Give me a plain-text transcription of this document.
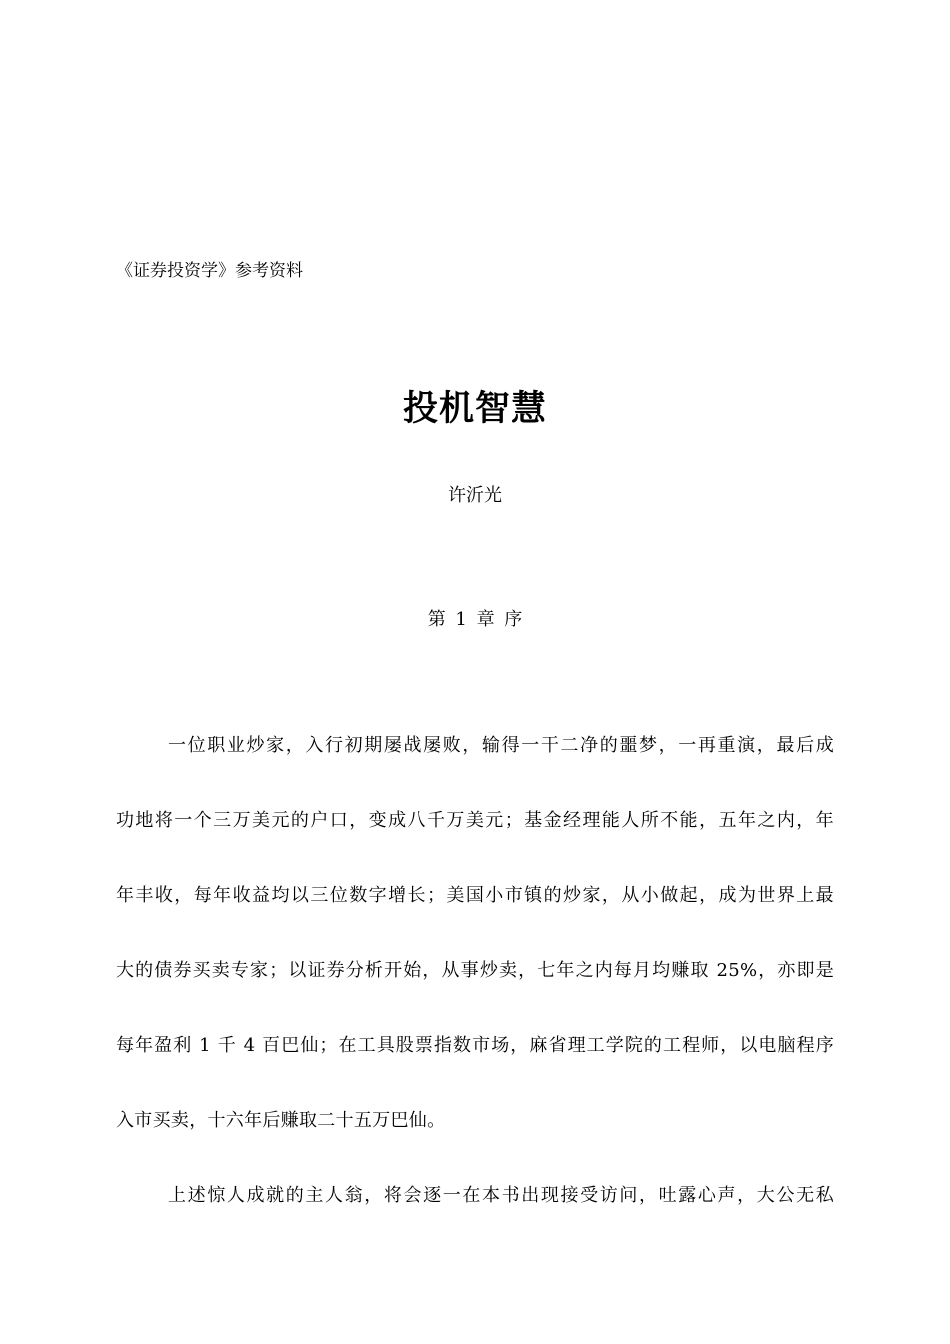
《证券投资学》参考资料
投机智慧
许沂光
第 1 章 序
一位职业炒家，入行初期屡战屡败，输得一干二净的噩梦，一再重演，最后成
功地将一个三万美元的户口，变成八千万美元；基金经理能人所不能，五年之内，年
年丰收，每年收益均以三位数字增长；美国小市镇的炒家，从小做起，成为世界上最
大的债券买卖专家；以证券分析开始，从事炒卖，七年之内每月均赚取 25%，亦即是
每年盈利 1 千 4 百巴仙；在工具股票指数市场，麻省理工学院的工程师，以电脑程序
入市买卖，十六年后赚取二十五万巴仙。
上述惊人成就的主人翁，将会逐一在本书出现接受访问，吐露心声，大公无私
